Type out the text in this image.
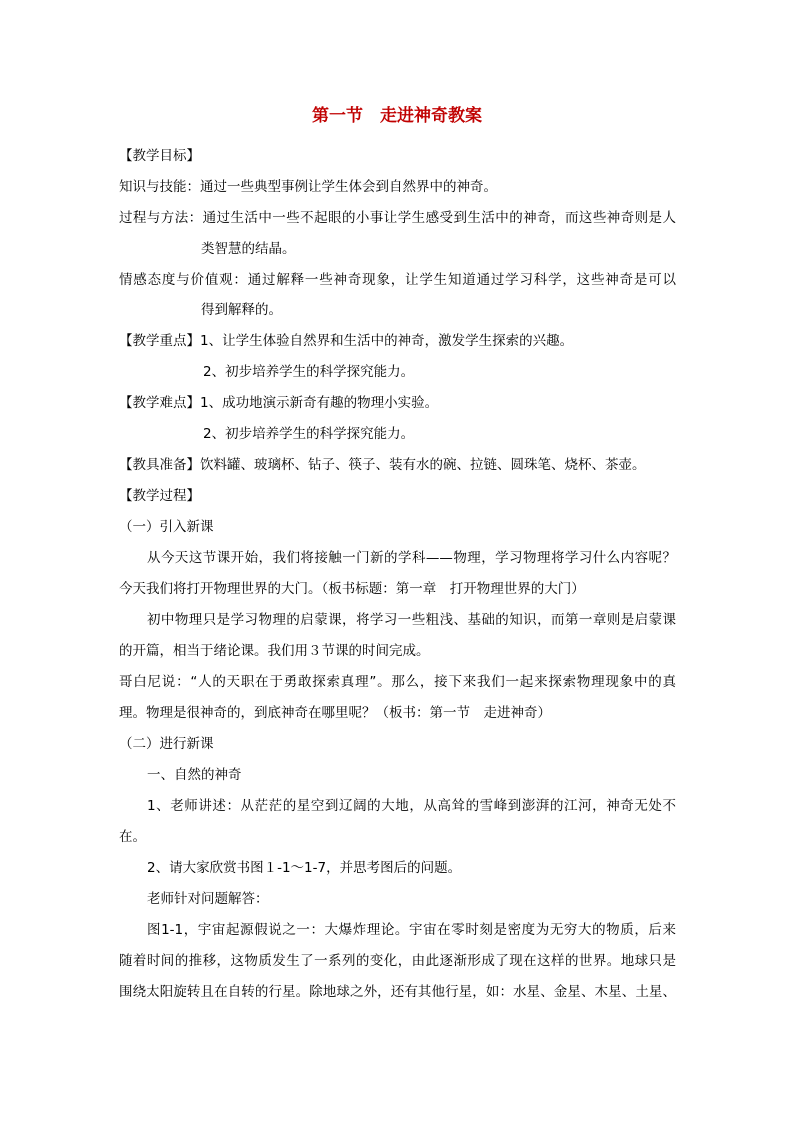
第一节　走进神奇教案
【教学目标】
知识与技能：通过一些典型事例让学生体会到自然界中的神奇。
过程与方法：通过生活中一些不起眼的小事让学生感受到生活中的神奇，而这些神奇则是人
类智慧的结晶。
情感态度与价值观：通过解释一些神奇现象，让学生知道通过学习科学，这些神奇是可以
得到解释的。
【教学重点】1、让学生体验自然界和生活中的神奇，激发学生探索的兴趣。
2、初步培养学生的科学探究能力。
【教学难点】1、成功地演示新奇有趣的物理小实验。
2、初步培养学生的科学探究能力。
【教具准备】饮料罐、玻璃杯、钻子、筷子、装有水的碗、拉链、圆珠笔、烧杯、茶壶。
【教学过程】
（一）引入新课
从今天这节课开始，我们将接触一门新的学科——物理，学习物理将学习什么内容呢？
今天我们将打开物理世界的大门。（板书标题：第一章　打开物理世界的大门）
初中物理只是学习物理的启蒙课，将学习一些粗浅、基础的知识，而第一章则是启蒙课
的开篇，相当于绪论课。我们用３节课的时间完成。
哥白尼说：“人的天职在于勇敢探索真理”。那么，接下来我们一起来探索物理现象中的真
理。物理是很神奇的，到底神奇在哪里呢？（板书：第一节　走进神奇）
（二）进行新课
一、自然的神奇
1、老师讲述：从茫茫的星空到辽阔的大地，从高耸的雪峰到澎湃的江河，神奇无处不
在。
2、请大家欣赏书图１-1～1-7，并思考图后的问题。
老师针对问题解答：
图1-1，宇宙起源假说之一：大爆炸理论。宇宙在零时刻是密度为无穷大的物质，后来
随着时间的推移，这物质发生了一系列的变化，由此逐渐形成了现在这样的世界。地球只是
围绕太阳旋转且在自转的行星。除地球之外，还有其他行星，如：水星、金星、木星、土星、
